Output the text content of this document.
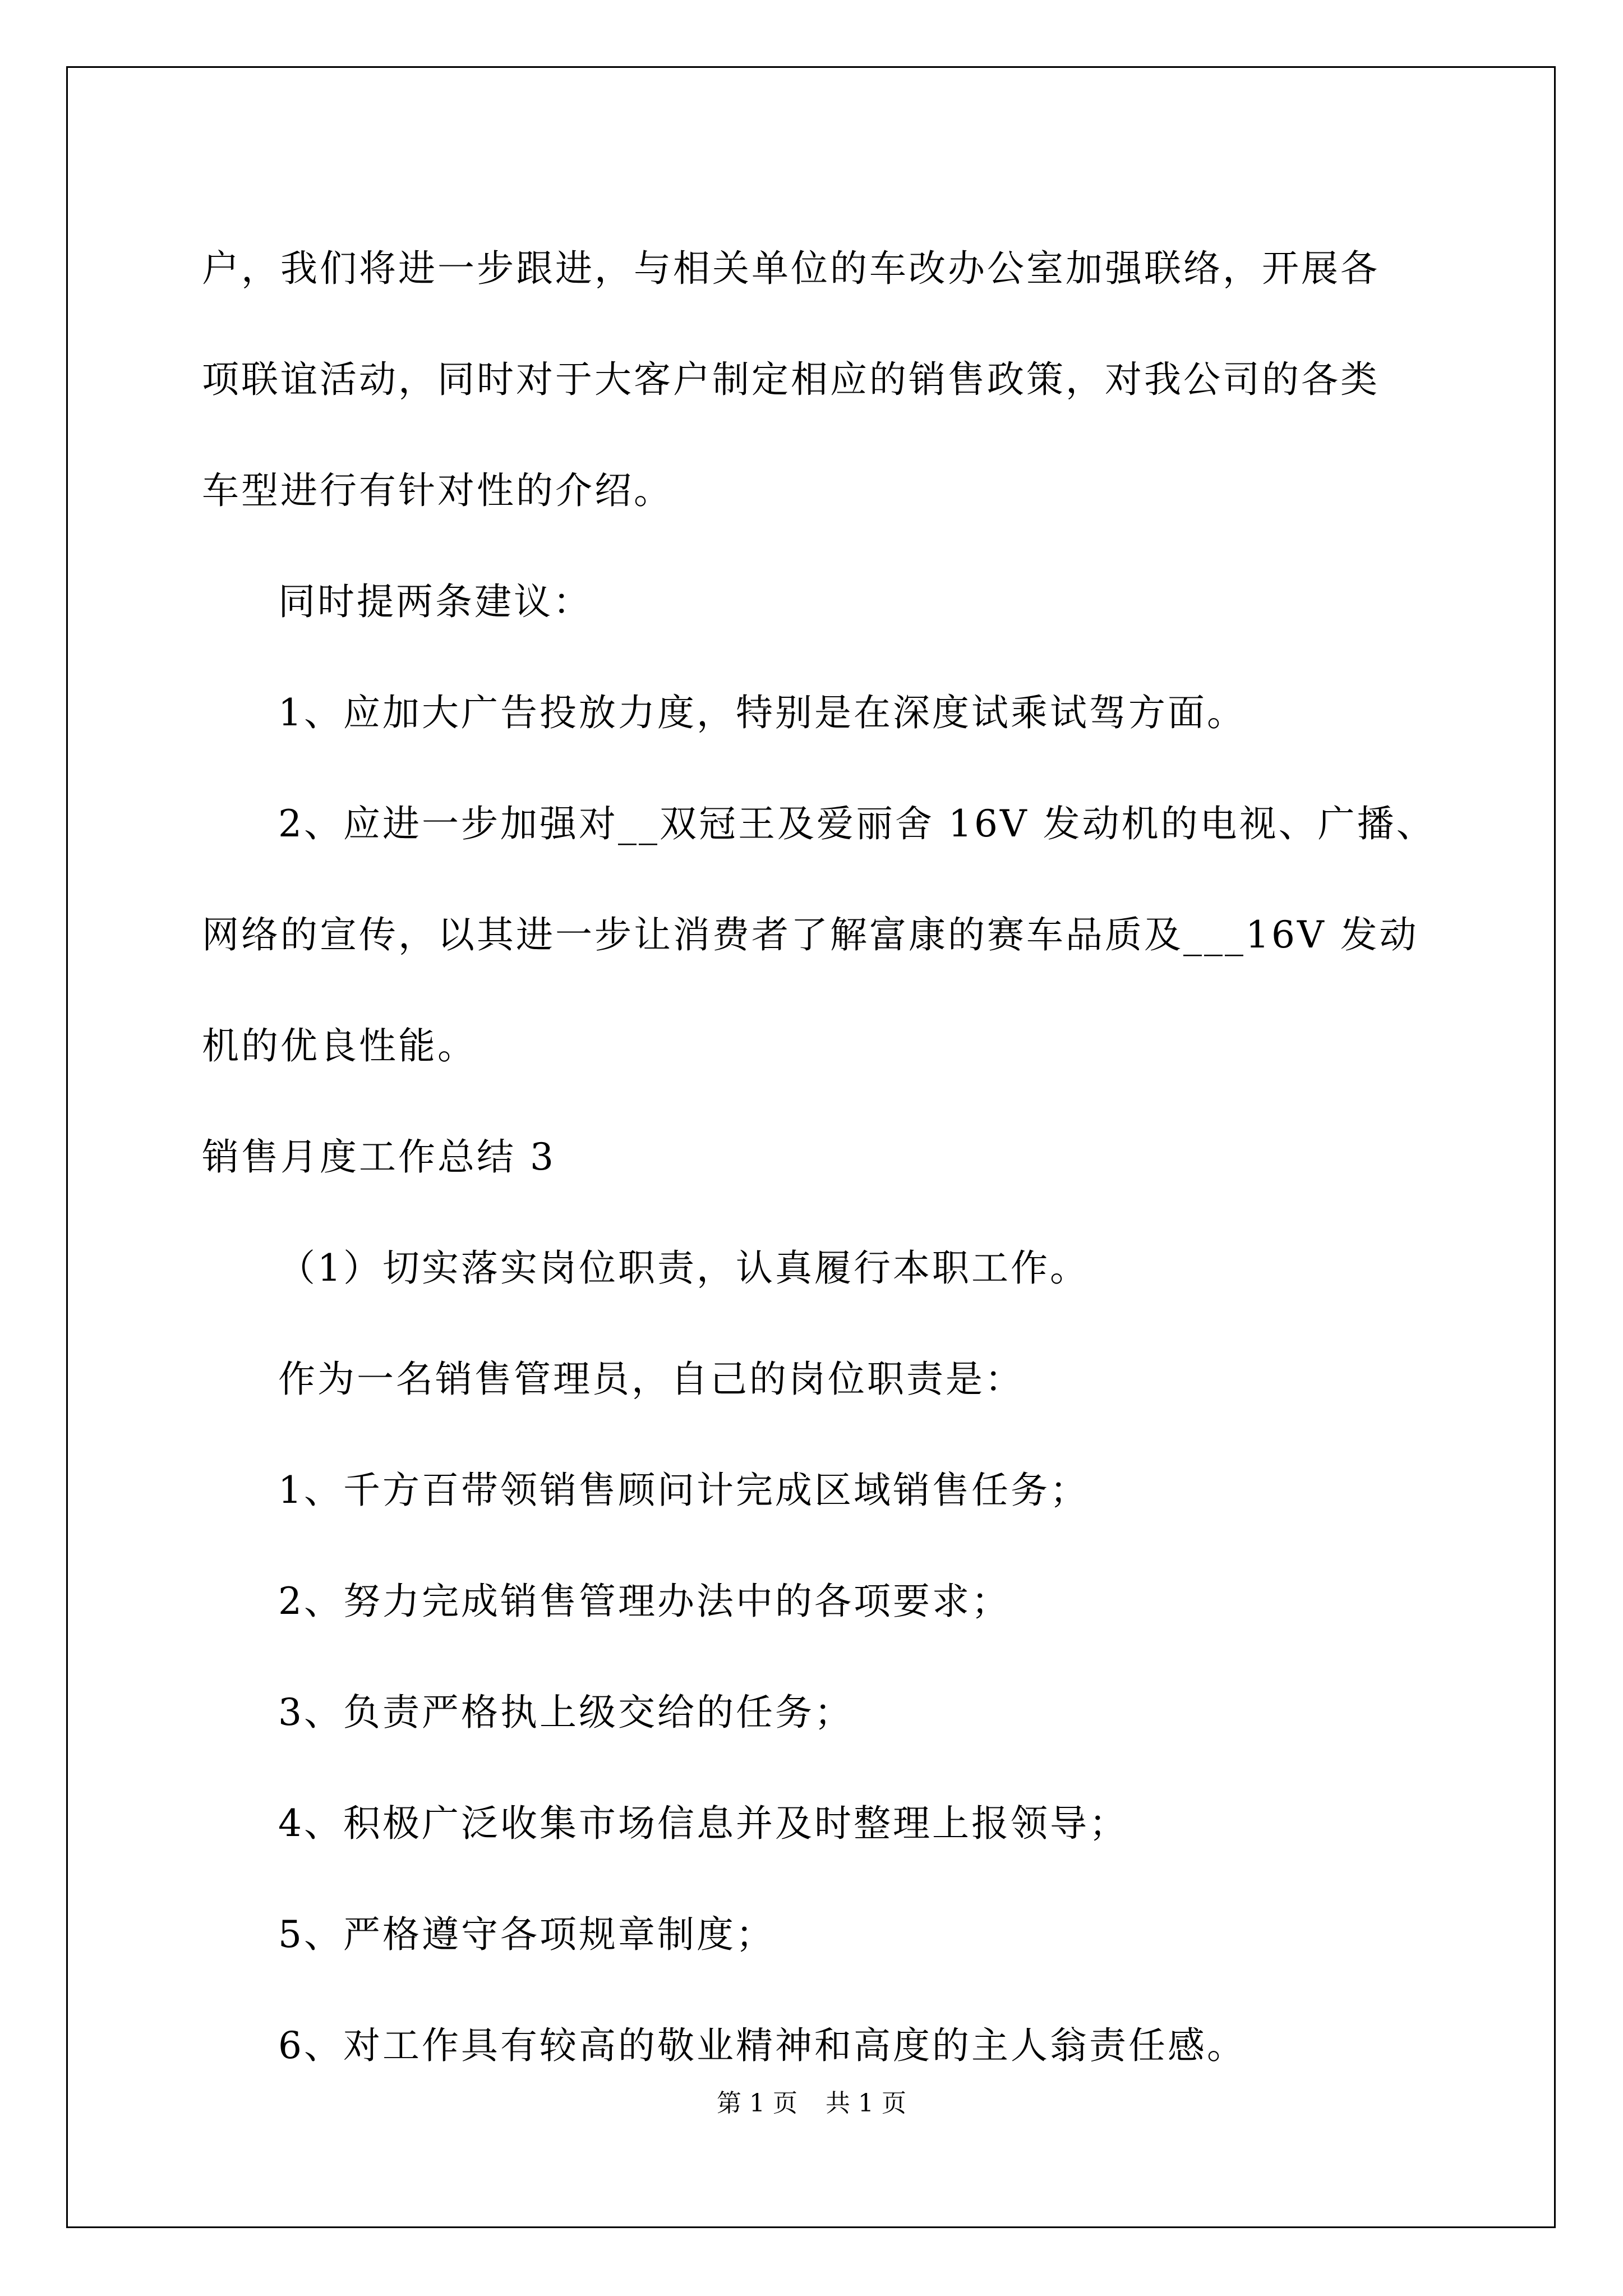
户，我们将进一步跟进，与相关单位的车改办公室加强联络，开展各
项联谊活动，同时对于大客户制定相应的销售政策，对我公司的各类
车型进行有针对性的介绍。
同时提两条建议：
1、应加大广告投放力度，特别是在深度试乘试驾方面。
2、应进一步加强对__双冠王及爱丽舍 16V 发动机的电视、广播、
网络的宣传，以其进一步让消费者了解富康的赛车品质及___16V 发动
机的优良性能。
销售月度工作总结 3
（1）切实落实岗位职责，认真履行本职工作。
作为一名销售管理员，自己的岗位职责是：
1、千方百带领销售顾问计完成区域销售任务；
2、努力完成销售管理办法中的各项要求；
3、负责严格执上级交给的任务；
4、积极广泛收集市场信息并及时整理上报领导；
5、严格遵守各项规章制度；
6、对工作具有较高的敬业精神和高度的主人翁责任感。
第 1 页 共 1 页
